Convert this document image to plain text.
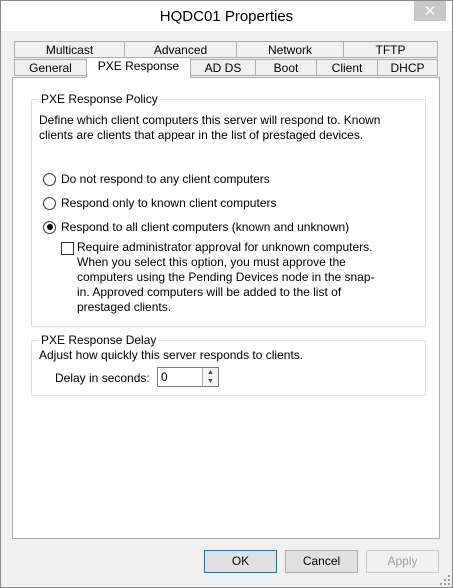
HQDC01 Properties	✕
Multicast	Advanced	Network	TFTP
General	PXE Response	AD DS	Boot	Client	DHCP
PXE Response Policy
Define which client computers this server will respond to. Known clients are clients that appear in the list of prestaged devices.
Do not respond to any client computers
Respond only to known client computers
Respond to all client computers (known and unknown)
Require administrator approval for unknown computers. When you select this option, you must approve the computers using the Pending Devices node in the snap-in. Approved computers will be added to the list of prestaged clients.
PXE Response Delay
Adjust how quickly this server responds to clients.
Delay in seconds: 0	▲
▼
OK	Cancel	Apply
